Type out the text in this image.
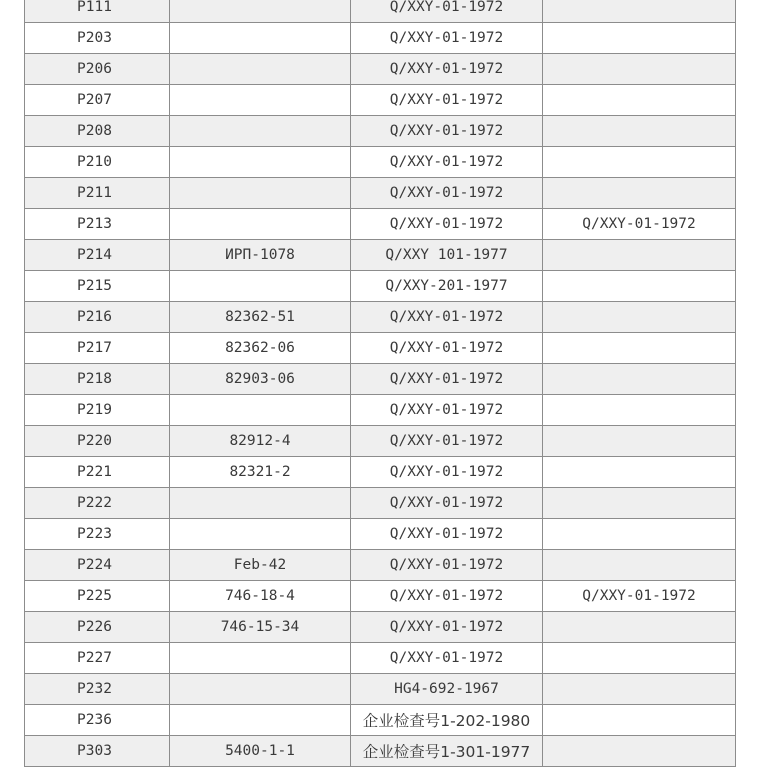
P111		Q/XXY-01-1972	
P203		Q/XXY-01-1972	
P206		Q/XXY-01-1972	
P207		Q/XXY-01-1972	
P208		Q/XXY-01-1972	
P210		Q/XXY-01-1972	
P211		Q/XXY-01-1972	
P213		Q/XXY-01-1972	Q/XXY-01-1972
P214	ИРП-1078	Q/XXY 101-1977	
P215		Q/XXY-201-1977	
P216	82362-51	Q/XXY-01-1972	
P217	82362-06	Q/XXY-01-1972	
P218	82903-06	Q/XXY-01-1972	
P219		Q/XXY-01-1972	
P220	82912-4	Q/XXY-01-1972	
P221	82321-2	Q/XXY-01-1972	
P222		Q/XXY-01-1972	
P223		Q/XXY-01-1972	
P224	Feb-42	Q/XXY-01-1972	
P225	746-18-4	Q/XXY-01-1972	Q/XXY-01-1972
P226	746-15-34	Q/XXY-01-1972	
P227		Q/XXY-01-1972	
P232		HG4-692-1967	
P236		企业检查号1-202-1980	
P303	5400-1-1	企业检查号1-301-1977	
